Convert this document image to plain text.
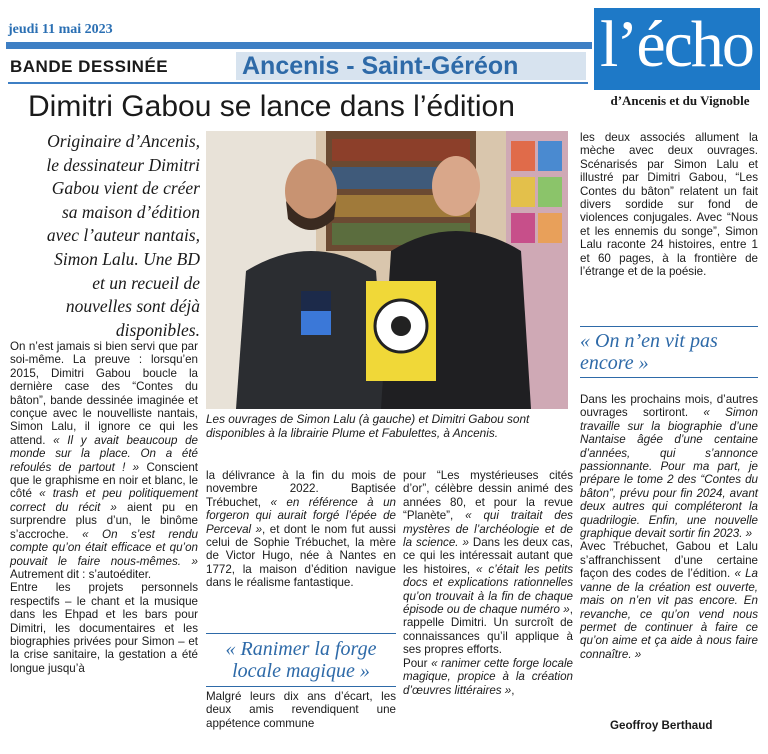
jeudi 11 mai 2023	l’écho
d’Ancenis et du Vignoble
BANDE DESSINÉE	Ancenis - Saint-Géréon
Dimitri Gabou se lance dans l’édition
Originaire d’Ancenis, le dessinateur Dimitri Gabou vient de créer sa maison d’édition avec l’auteur nantais, Simon Lalu. Une BD et un recueil de nouvelles sont déjà disponibles.

On n’est jamais si bien servi que par soi-même. La preuve : lorsqu’en 2015, Dimitri Gabou boucle la dernière case des “Contes du bâton”, bande dessinée imaginée et conçue avec le nouvelliste nantais, Simon Lalu, il ignore ce qui les attend. « Il y avait beaucoup de monde sur la place. On a été refoulés de partout ! » Conscient que le graphisme en noir et blanc, le côté « trash et peu politiquement correct du récit » aient pu en surprendre plus d’un, le binôme s’accroche. « On s’est rendu compte qu’on était efficace et qu’on pouvait le faire nous-mêmes. » Autrement dit : s’autoéditer.

Entre les projets personnels respectifs – le chant et la musique dans les Ehpad et les bars pour Dimitri, les documentaires et les biographies privées pour Simon – et la crise sanitaire, la gestation a été longue jusqu’à

Les ouvrages de Simon Lalu (à gauche) et Dimitri Gabou sont disponibles à la librairie Plume et Fabulettes, à Ancenis.

la délivrance à la fin du mois de novembre 2022. Baptisée Trébuchet, « en référence à un forgeron qui aurait forgé l’épée de Perceval », et dont le nom fut aussi celui de Sophie Trébuchet, la mère de Victor Hugo, née à Nantes en 1772, la maison d’édition navigue dans le réalisme fantastique.

« Ranimer la forge locale magique »

Malgré leurs dix ans d’écart, les deux amis revendiquent une appétence commune

pour “Les mystérieuses cités d’or”, célèbre dessin animé des années 80, et pour la revue “Planète”, « qui traitait des mystères de l’archéologie et de la science. » Dans les deux cas, ce qui les intéressait autant que les histoires, « c’était les petits docs et explications rationnelles qu’on trouvait à la fin de chaque épisode ou de chaque numéro », rappelle Dimitri. Un surcroît de connaissances qu’il applique à ses propres efforts.

Pour « ranimer cette forge locale magique, propice à la création d’œuvres littéraires »,

les deux associés allument la mèche avec deux ouvrages. Scénarisés par Simon Lalu et illustré par Dimitri Gabou, “Les Contes du bâton” relatent un fait divers sordide sur fond de violences conjugales. Avec “Nous et les ennemis du songe”, Simon Lalu raconte 24 histoires, entre 1 et 60 pages, à la frontière de l’étrange et de la poésie.

« On n’en vit pas encore »

Dans les prochains mois, d’autres ouvrages sortiront. « Simon travaille sur la biographie d’une Nantaise âgée d’une centaine d’années, qui s’annonce passionnante. Pour ma part, je prépare le tome 2 des “Contes du bâton”, prévu pour fin 2024, avant deux autres qui compléteront la quadrilogie. Enfin, une nouvelle graphique devait sortir fin 2023. »

Avec Trébuchet, Gabou et Lalu s’affranchissent d’une certaine façon des codes de l’édition. « La vanne de la création est ouverte, mais on n’en vit pas encore. En revanche, ce qu’on vend nous permet de continuer à faire ce qu’on aime et ça aide à nous faire connaître. »

Geoffroy Berthaud
